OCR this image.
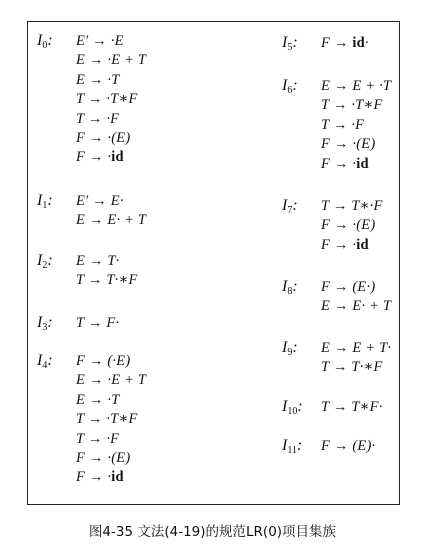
$I_0$: E′ → ·E
E → ·E + T
E → ·T
T → ·T∗F
T → ·F
F → ·(E)
F → ·id
$I_1$: E′ → E·
E → E· + T
$I_2$: E → T·
T → T·∗F
$I_3$: T → F·
$I_4$: F → (·E)
E → ·E + T
E → ·T
T → ·T∗F
T → ·F
F → ·(E)
F → ·id
$I_5$: F → id·
$I_6$: E → E + ·T
T → ·T∗F
T → ·F
F → ·(E)
F → ·id
$I_7$: T → T∗·F
F → ·(E)
F → ·id
$I_8$: F → (E·)
E → E· + T
$I_9$: E → E + T·
T → T·∗F
$I_{10}$: T → T∗F·
$I_{11}$: F → (E)·
图4-35 文法(4-19)的规范LR(0)项目集族
